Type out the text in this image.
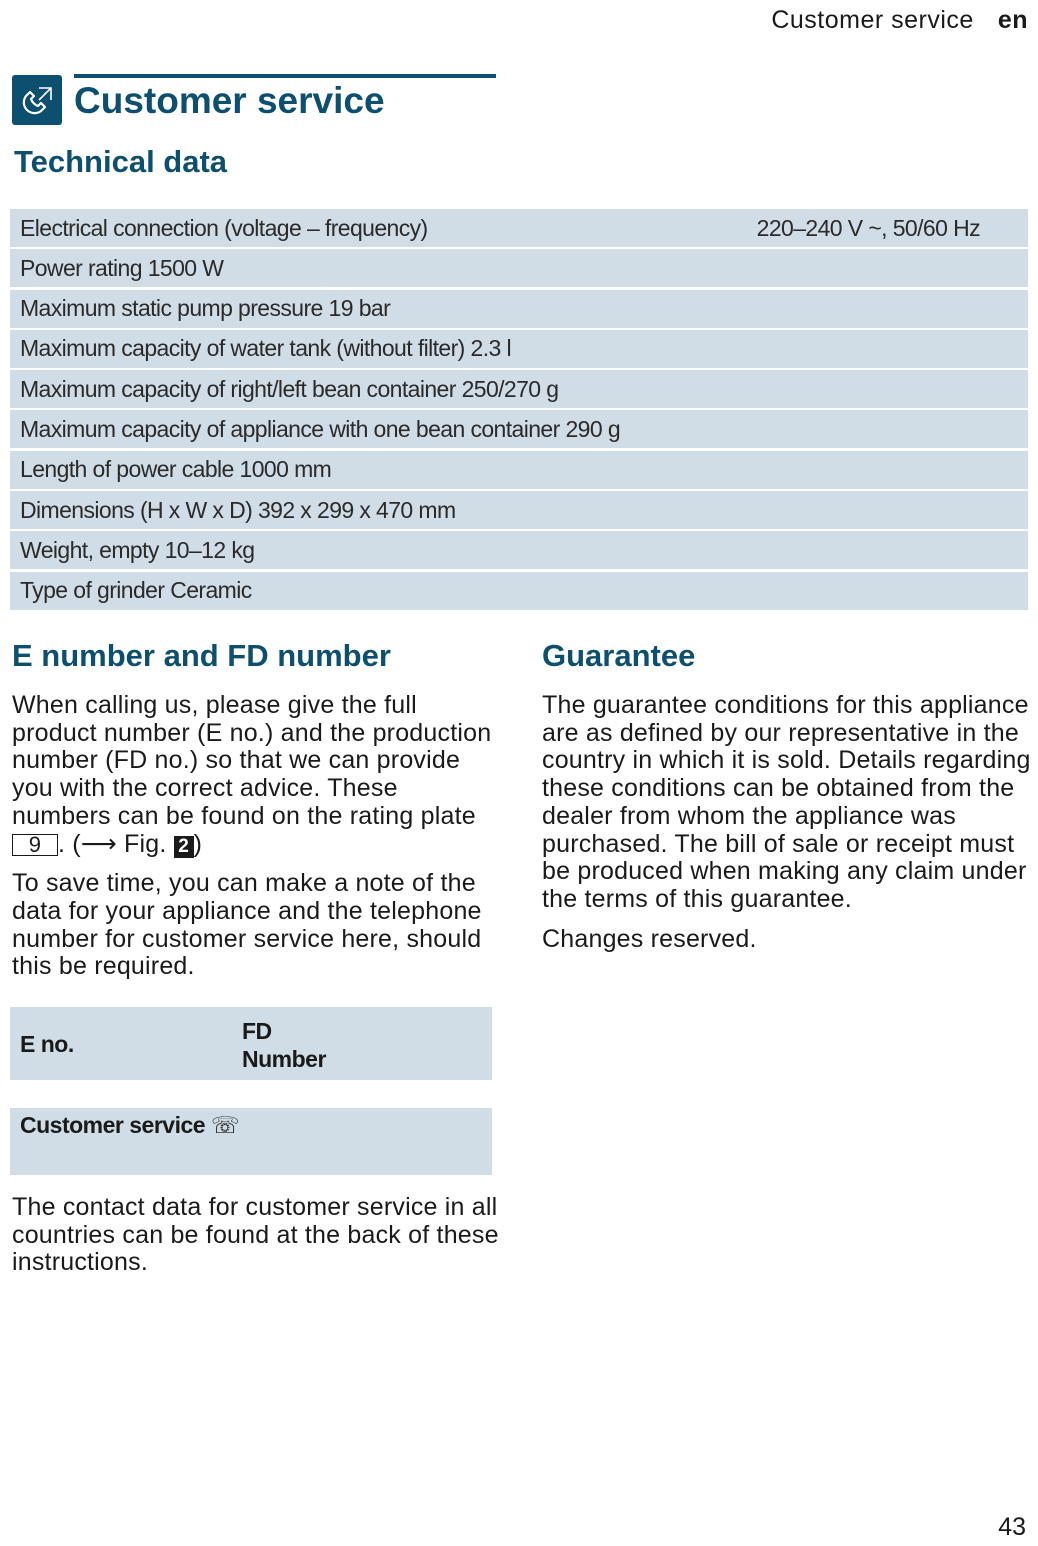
Customer service en
Customer service
Technical data
Electrical connection (voltage – frequency)	220–240 V ~, 50/60 Hz
Power rating 1500 W
Maximum static pump pressure 19 bar
Maximum capacity of water tank (without filter) 2.3 l
Maximum capacity of right/left bean container 250/270 g
Maximum capacity of appliance with one bean container 290 g
Length of power cable 1000 mm
Dimensions (H x W x D) 392 x 299 x 470 mm
Weight, empty 10–12 kg
Type of grinder Ceramic
E number and FD number

When calling us, please give the full product number (E no.) and the production number (FD no.) so that we can provide you with the correct advice. These numbers can be found on the rating plate 9 . (⟶ Fig. 2 )

To save time, you can make a note of the data for your appliance and the telephone number for customer service here, should this be required.

Guarantee

The guarantee conditions for this appliance are as defined by our representative in the country in which it is sold. Details regarding these conditions can be obtained from the dealer from whom the appliance was purchased. The bill of sale or receipt must be produced when making any claim under the terms of this guarantee.

Changes reserved.

E no.	FD
Number
Customer service ☏

The contact data for customer service in all countries can be found at the back of these instructions.

43
